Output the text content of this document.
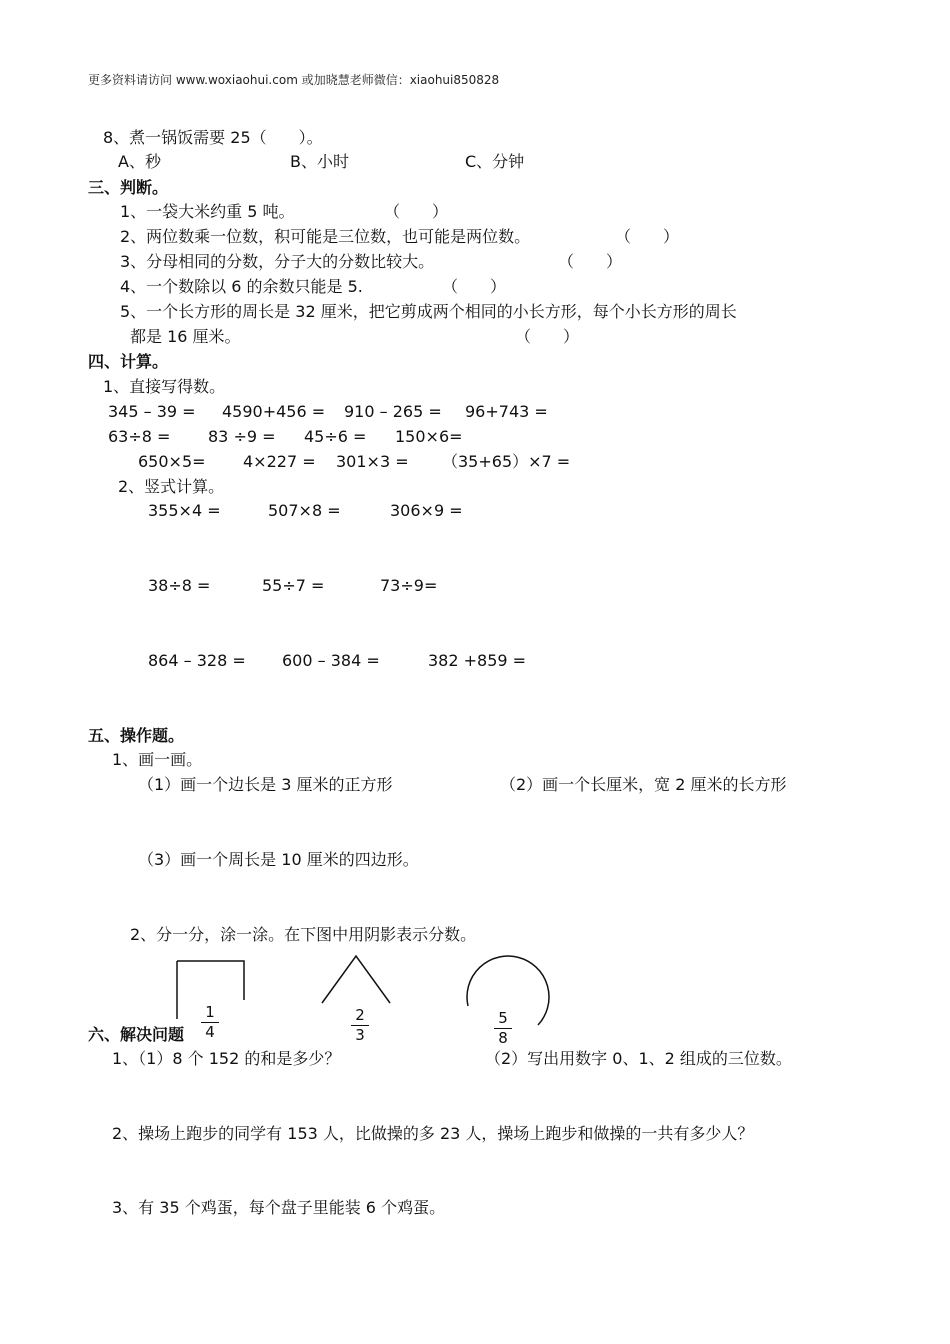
更多资料请访问 www.woxiaohui.com 或加晓慧老师微信：xiaohui850828
8、煮一锅饭需要 25（　　）。
A、秒	B、小时	C、分钟
三、判断。
1、一袋大米约重 5 吨。	（　　）
2、两位数乘一位数，积可能是三位数，也可能是两位数。	（　　）
3、分母相同的分数，分子大的分数比较大。	（　　）
4、一个数除以 6 的余数只能是 5.	（　　）
5、一个长方形的周长是 32 厘米，把它剪成两个相同的小长方形，每个小长方形的周长
都是 16 厘米。	（　　）
四、计算。
1、直接写得数。
345 – 39 = 4590+456 = 910 – 265 = 96+743 =
63÷8 = 83 ÷9 = 45÷6 = 150×6=
650×5= 4×227 = 301×3 = （35+65）×7 =
2、竖式计算。
355×4 =	507×8 =	306×9 =
38÷8 =	55÷7 =	73÷9=
864 – 328 = 600 – 384 =	382 +859 =
五、操作题。
1、画一画。
（1）画一个边长是 3 厘米的正方形	（2）画一个长厘米，宽 2 厘米的长方形
（3）画一个周长是 10 厘米的四边形。
2、分一分，涂一涂。在下图中用阴影表示分数。
1
4
2
3
5
8
六、解决问题
1、（1）8 个 152 的和是多少？	（2）写出用数字 0、1、2 组成的三位数。
2、操场上跑步的同学有 153 人，比做操的多 23 人，操场上跑步和做操的一共有多少人？
3、有 35 个鸡蛋，每个盘子里能装 6 个鸡蛋。
